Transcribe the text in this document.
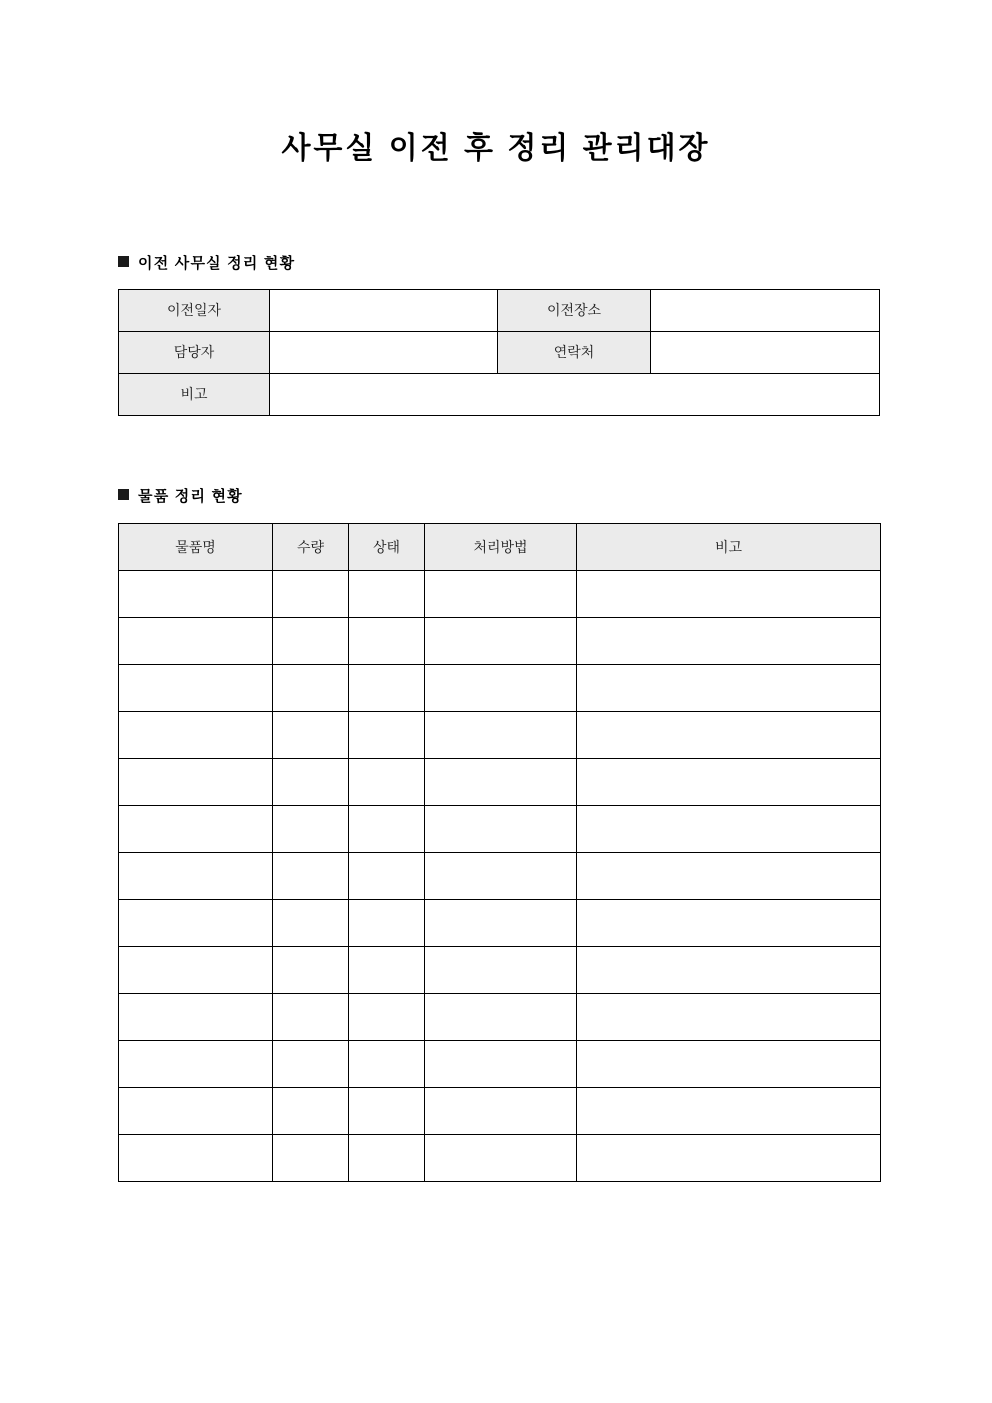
사무실 이전 후 정리 관리대장
이전 사무실 정리 현황
이전일자		이전장소	
담당자		연락처	
비고			
물품 정리 현황
물품명	수량	상태	처리방법	비고
